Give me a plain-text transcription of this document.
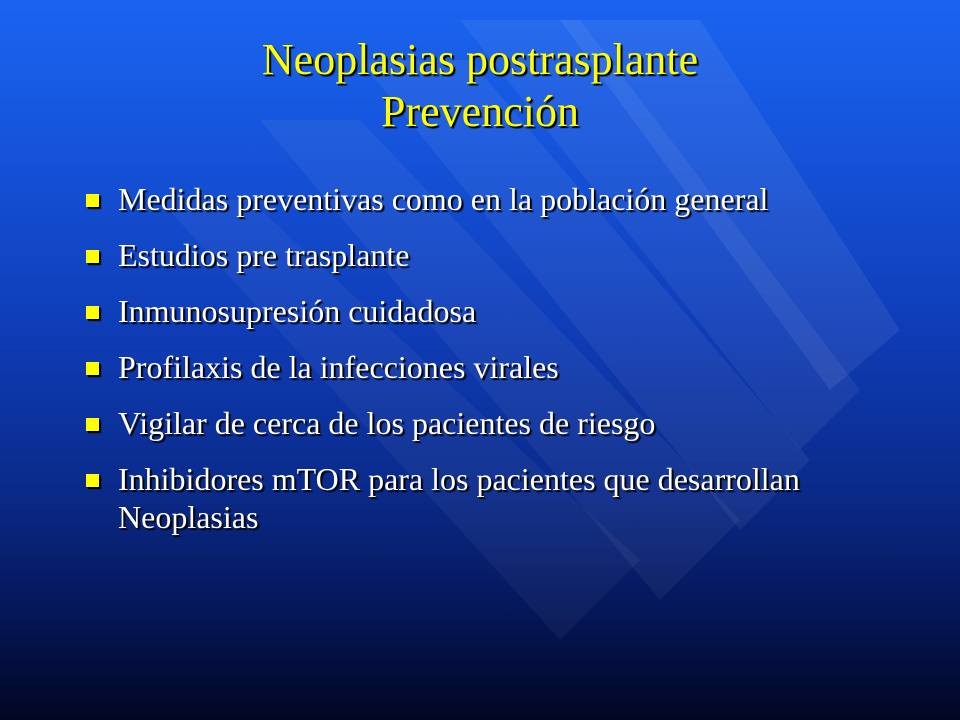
Neoplasias postrasplante
Prevención
Medidas preventivas como en la población general
Estudios pre trasplante
Inmunosupresión cuidadosa
Profilaxis de la infecciones virales
Vigilar de cerca de los pacientes de riesgo
Inhibidores mTOR para los pacientes que desarrollan Neoplasias
